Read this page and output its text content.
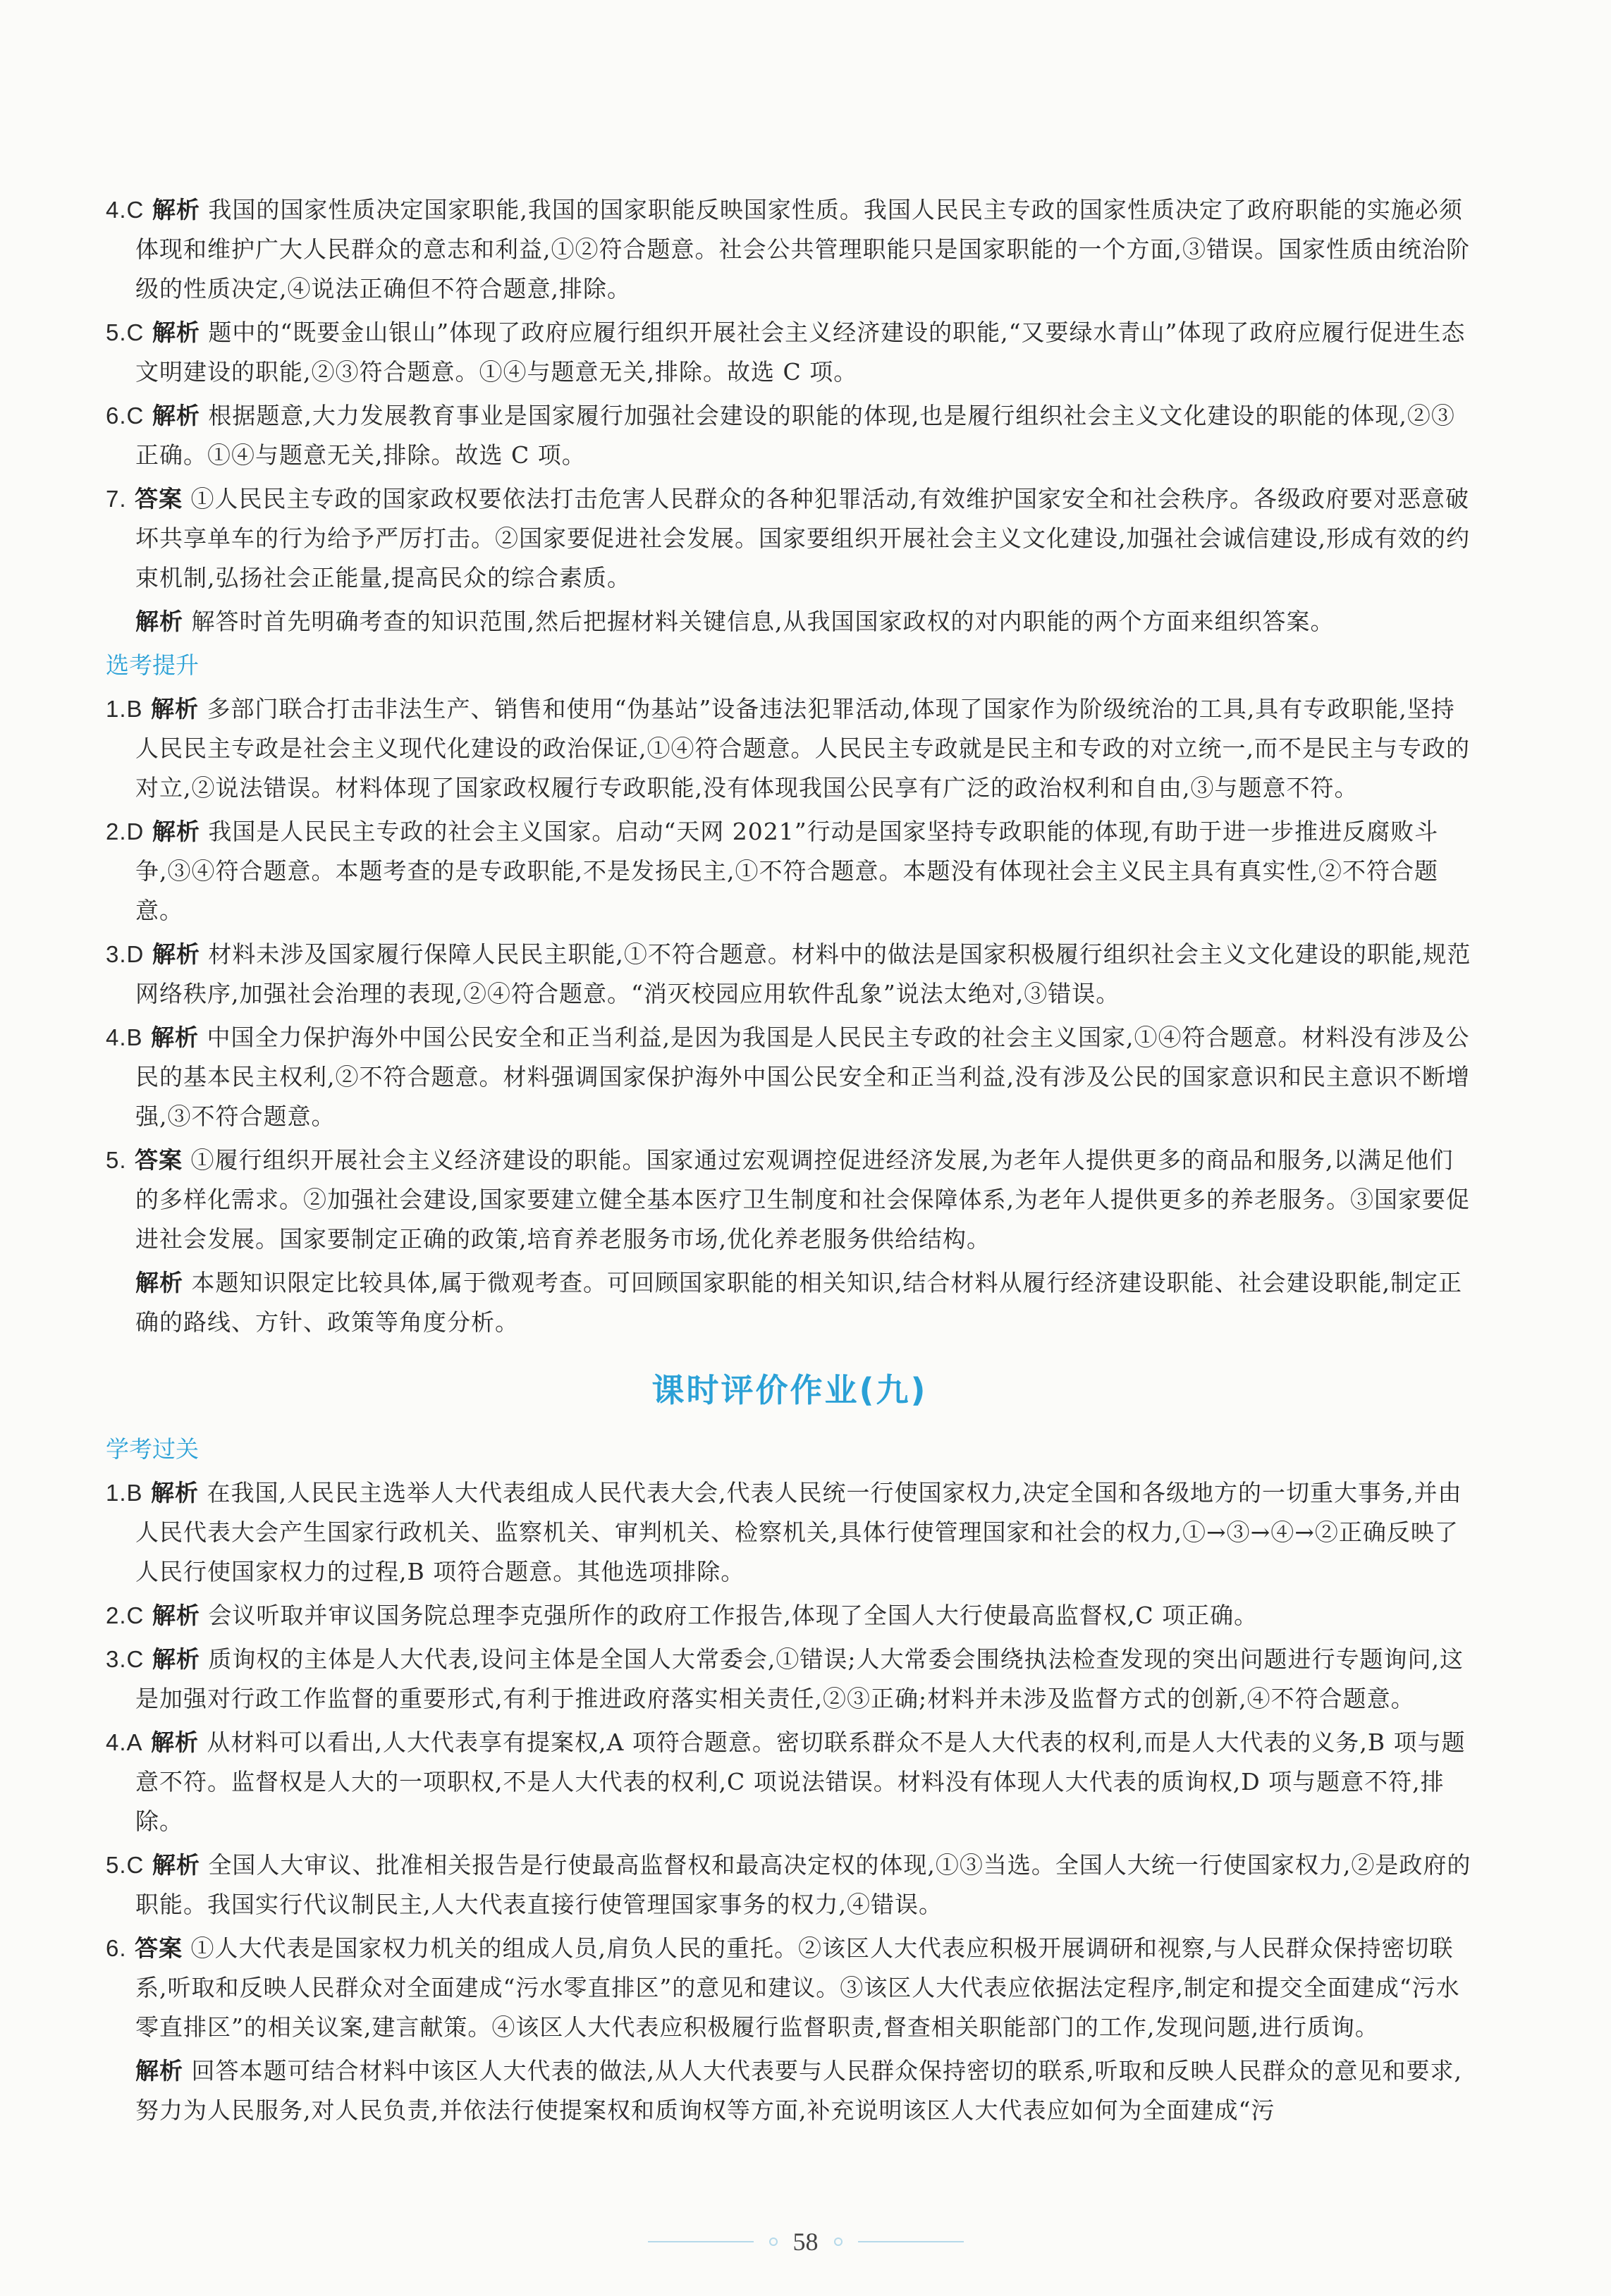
4.C 解析 我国的国家性质决定国家职能,我国的国家职能反映国家性质。我国人民民主专政的国家性质决定了政府职能的实施必须体现和维护广大人民群众的意志和利益,①②符合题意。社会公共管理职能只是国家职能的一个方面,③错误。国家性质由统治阶级的性质决定,④说法正确但不符合题意,排除。
5.C 解析 题中的“既要金山银山”体现了政府应履行组织开展社会主义经济建设的职能,“又要绿水青山”体现了政府应履行促进生态文明建设的职能,②③符合题意。①④与题意无关,排除。故选 C 项。
6.C 解析 根据题意,大力发展教育事业是国家履行加强社会建设的职能的体现,也是履行组织社会主义文化建设的职能的体现,②③正确。①④与题意无关,排除。故选 C 项。
7. 答案 ①人民民主专政的国家政权要依法打击危害人民群众的各种犯罪活动,有效维护国家安全和社会秩序。各级政府要对恶意破坏共享单车的行为给予严厉打击。②国家要促进社会发展。国家要组织开展社会主义文化建设,加强社会诚信建设,形成有效的约束机制,弘扬社会正能量,提高民众的综合素质。
解析 解答时首先明确考查的知识范围,然后把握材料关键信息,从我国国家政权的对内职能的两个方面来组织答案。
选考提升
1.B 解析 多部门联合打击非法生产、销售和使用“伪基站”设备违法犯罪活动,体现了国家作为阶级统治的工具,具有专政职能,坚持人民民主专政是社会主义现代化建设的政治保证,①④符合题意。人民民主专政就是民主和专政的对立统一,而不是民主与专政的对立,②说法错误。材料体现了国家政权履行专政职能,没有体现我国公民享有广泛的政治权利和自由,③与题意不符。
2.D 解析 我国是人民民主专政的社会主义国家。启动“天网 2021”行动是国家坚持专政职能的体现,有助于进一步推进反腐败斗争,③④符合题意。本题考查的是专政职能,不是发扬民主,①不符合题意。本题没有体现社会主义民主具有真实性,②不符合题意。
3.D 解析 材料未涉及国家履行保障人民民主职能,①不符合题意。材料中的做法是国家积极履行组织社会主义文化建设的职能,规范网络秩序,加强社会治理的表现,②④符合题意。“消灭校园应用软件乱象”说法太绝对,③错误。
4.B 解析 中国全力保护海外中国公民安全和正当利益,是因为我国是人民民主专政的社会主义国家,①④符合题意。材料没有涉及公民的基本民主权利,②不符合题意。材料强调国家保护海外中国公民安全和正当利益,没有涉及公民的国家意识和民主意识不断增强,③不符合题意。
5. 答案 ①履行组织开展社会主义经济建设的职能。国家通过宏观调控促进经济发展,为老年人提供更多的商品和服务,以满足他们的多样化需求。②加强社会建设,国家要建立健全基本医疗卫生制度和社会保障体系,为老年人提供更多的养老服务。③国家要促进社会发展。国家要制定正确的政策,培育养老服务市场,优化养老服务供给结构。
解析 本题知识限定比较具体,属于微观考查。可回顾国家职能的相关知识,结合材料从履行经济建设职能、社会建设职能,制定正确的路线、方针、政策等角度分析。
课时评价作业(九)
学考过关
1.B 解析 在我国,人民民主选举人大代表组成人民代表大会,代表人民统一行使国家权力,决定全国和各级地方的一切重大事务,并由人民代表大会产生国家行政机关、监察机关、审判机关、检察机关,具体行使管理国家和社会的权力,①→③→④→②正确反映了人民行使国家权力的过程,B 项符合题意。其他选项排除。
2.C 解析 会议听取并审议国务院总理李克强所作的政府工作报告,体现了全国人大行使最高监督权,C 项正确。
3.C 解析 质询权的主体是人大代表,设问主体是全国人大常委会,①错误;人大常委会围绕执法检查发现的突出问题进行专题询问,这是加强对行政工作监督的重要形式,有利于推进政府落实相关责任,②③正确;材料并未涉及监督方式的创新,④不符合题意。
4.A 解析 从材料可以看出,人大代表享有提案权,A 项符合题意。密切联系群众不是人大代表的权利,而是人大代表的义务,B 项与题意不符。监督权是人大的一项职权,不是人大代表的权利,C 项说法错误。材料没有体现人大代表的质询权,D 项与题意不符,排除。
5.C 解析 全国人大审议、批准相关报告是行使最高监督权和最高决定权的体现,①③当选。全国人大统一行使国家权力,②是政府的职能。我国实行代议制民主,人大代表直接行使管理国家事务的权力,④错误。
6. 答案 ①人大代表是国家权力机关的组成人员,肩负人民的重托。②该区人大代表应积极开展调研和视察,与人民群众保持密切联系,听取和反映人民群众对全面建成“污水零直排区”的意见和建议。③该区人大代表应依据法定程序,制定和提交全面建成“污水零直排区”的相关议案,建言献策。④该区人大代表应积极履行监督职责,督查相关职能部门的工作,发现问题,进行质询。
解析 回答本题可结合材料中该区人大代表的做法,从人大代表要与人民群众保持密切的联系,听取和反映人民群众的意见和要求,努力为人民服务,对人民负责,并依法行使提案权和质询权等方面,补充说明该区人大代表应如何为全面建成“污
58
